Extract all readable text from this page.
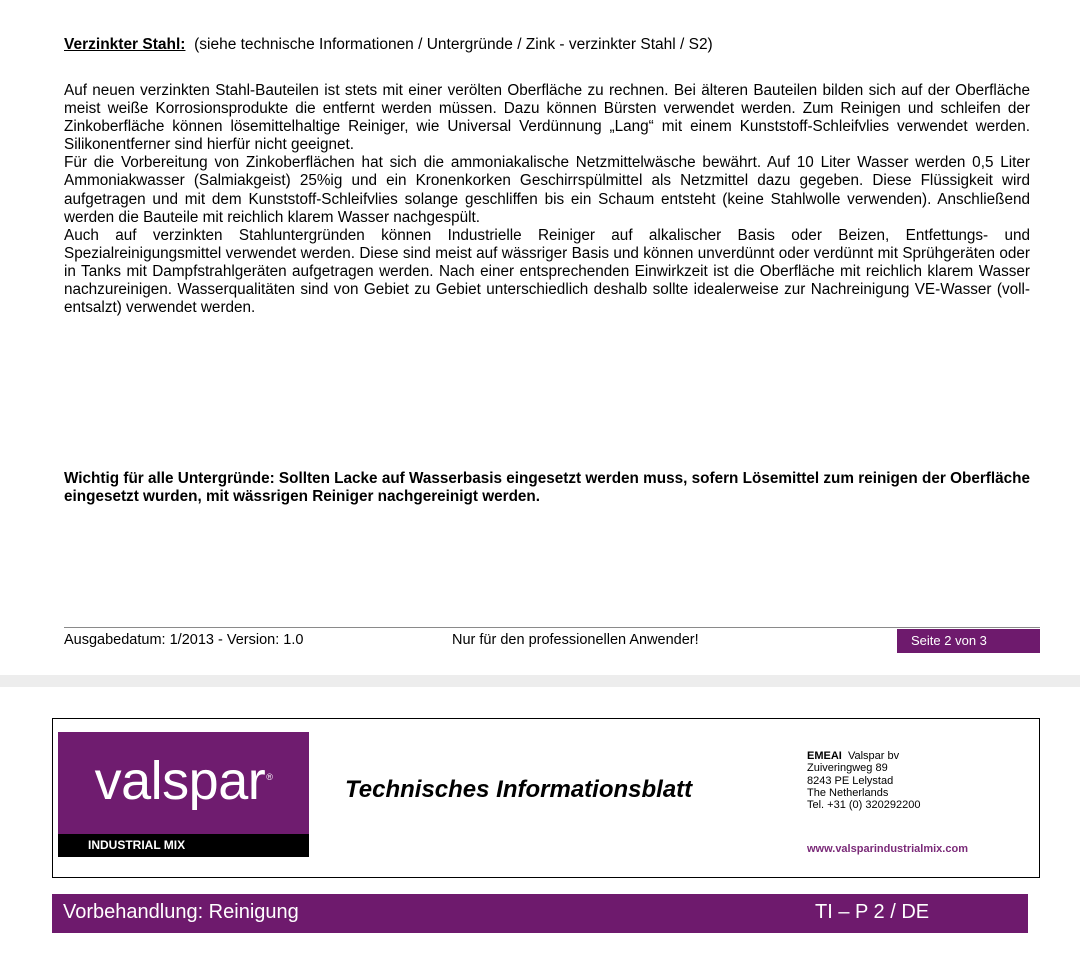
Verzinkter Stahl: (siehe technische Informationen / Untergründe / Zink - verzinkter Stahl / S2)

Auf neuen verzinkten Stahl-Bauteilen ist stets mit einer verölten Oberfläche zu rechnen. Bei älteren Bauteilen bilden sich auf der Oberfläche meist weiße Korrosionsprodukte die entfernt werden müssen. Dazu können Bürsten verwendet werden. Zum Reinigen und schleifen der Zinkoberfläche können lösemittelhaltige Reiniger, wie Universal Verdünnung „Lang“ mit einem Kunststoff-Schleifvlies verwendet werden. Silikonentferner sind hierfür nicht geeignet.

Für die Vorbereitung von Zinkoberflächen hat sich die ammoniakalische Netzmittelwäsche bewährt. Auf 10 Liter Wasser werden 0,5 Liter Ammoniakwasser (Salmiakgeist) 25%ig und ein Kronenkorken Geschirrspülmittel als Netzmittel dazu gegeben. Diese Flüssigkeit wird aufgetragen und mit dem Kunststoff-Schleifvlies solange geschliffen bis ein Schaum entsteht (keine Stahlwolle verwenden). Anschließend werden die Bauteile mit reichlich klarem Wasser nachgespült.

Auch auf verzinkten Stahluntergründen können Industrielle Reiniger auf alkalischer Basis oder Beizen, Entfettungs- und Spezialreinigungsmittel verwendet werden. Diese sind meist auf wässriger Basis und können unverdünnt oder verdünnt mit Sprühgeräten oder in Tanks mit Dampfstrahlgeräten aufgetragen werden. Nach einer entsprechenden Einwirkzeit ist die Oberfläche mit reichlich klarem Wasser nachzureinigen. Wasserqualitäten sind von Gebiet zu Gebiet unterschiedlich deshalb sollte idealerweise zur Nachreinigung VE-Wasser (voll-entsalzt) verwendet werden.

Wichtig für alle Untergründe: Sollten Lacke auf Wasserbasis eingesetzt werden muss, sofern Lösemittel zum reinigen der Oberfläche eingesetzt wurden, mit wässrigen Reiniger nachgereinigt werden.
Ausgabedatum: 1/2013 - Version: 1.0	Nur für den professionellen Anwender!	Seite 2 von 3
valspar®
INDUSTRIAL MIX
Technisches Informationsblatt
EMEAI Valspar bv
Zuiveringweg 89
8243 PE Lelystad
The Netherlands
Tel. +31 (0) 320292200
www.valsparindustrialmix.com
Vorbehandlung: Reinigung	TI – P 2 / DE
